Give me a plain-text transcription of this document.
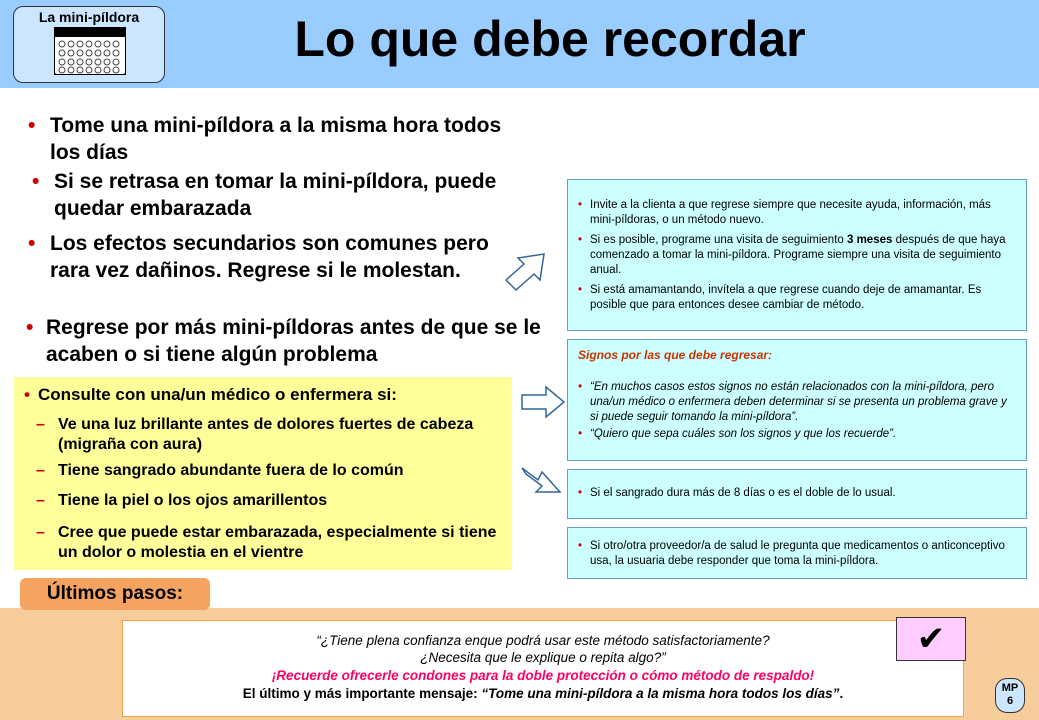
La mini-píldora	Lo que debe recordar
• Tome una mini-píldora a la misma hora todos los días
• Si se retrasa en tomar la mini-píldora, puede quedar embarazada
• Los efectos secundarios son comunes pero rara vez dañinos. Regrese si le molestan.
• Regrese por más mini-píldoras antes de que se le acaben o si tiene algún problema
• Consulte con una/un médico o enfermera si:
– Ve una luz brillante antes de dolores fuertes de cabeza (migraña con aura)
– Tiene sangrado abundante fuera de lo común
– Tiene la piel o los ojos amarillentos
– Cree que puede estar embarazada, especialmente si tiene un dolor o molestia en el vientre
• Invite a la clienta a que regrese siempre que necesite ayuda, información, más mini-píldoras, o un método nuevo.
• Si es posible, programe una visita de seguimiento 3 meses después de que haya comenzado a tomar la mini-píldora. Programe siempre una visita de seguimiento anual.
• Si está amamantando, invítela a que regrese cuando deje de amamantar. Es posible que para entonces desee cambiar de método.
Signos por las que debe regresar:
• “En muchos casos estos signos no están relacionados con la mini-píldora, pero una/un médico o enfermera deben determinar si se presenta un problema grave y si puede seguir tomando la mini-píldora”.
• “Quiero que sepa cuáles son los signos y que los recuerde”.
• Si el sangrado dura más de 8 días o es el doble de lo usual.
• Si otro/otra proveedor/a de salud le pregunta que medicamentos o anticonceptivo usa, la usuaria debe responder que toma la mini-píldora.
Últimos pasos:
“¿Tiene plena confianza enque podrá usar este método satisfactoriamente?
¿Necesita que le explique o repita algo?”
¡Recuerde ofrecerle condones para la doble protección o cómo método de respaldo!
El último y más importante mensaje: “Tome una mini-píldora a la misma hora todos los días”.
✔
MP
6
